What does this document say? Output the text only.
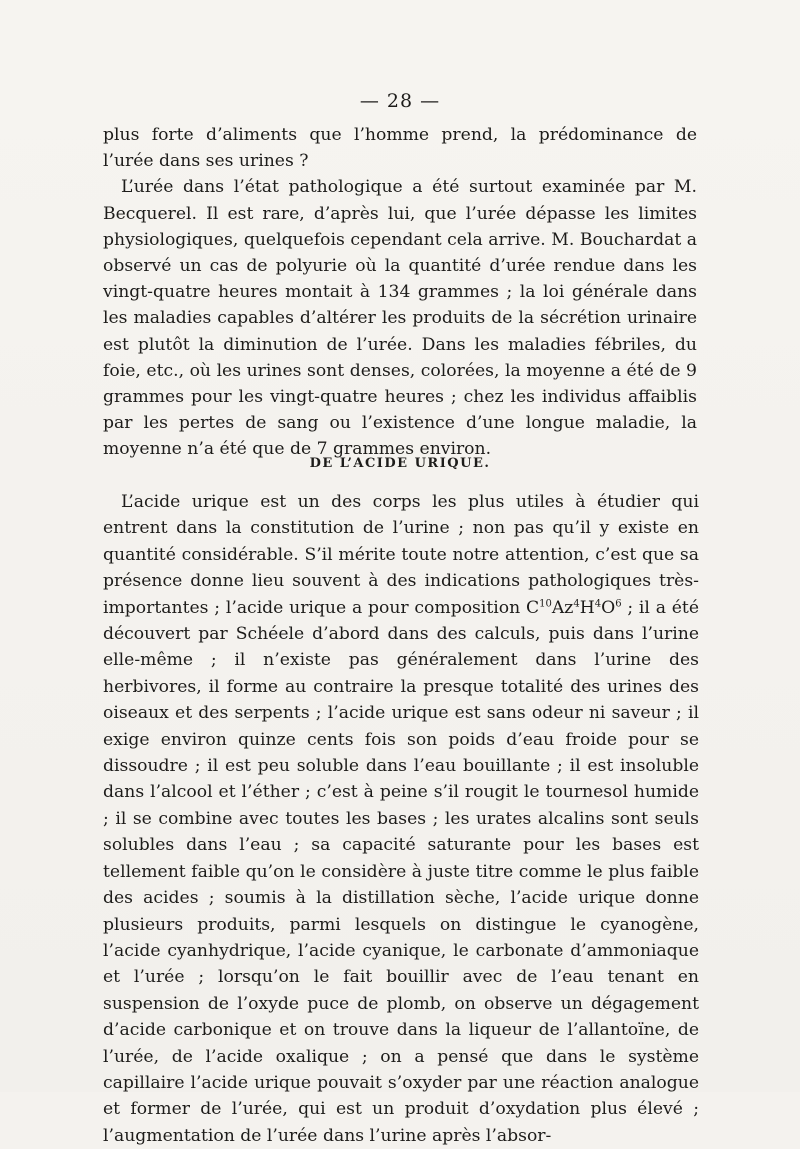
— 28 —

plus forte d’aliments que l’homme prend, la prédominance de l’urée dans ses urines ?

L’urée dans l’état pathologique a été surtout examinée par M. Becquerel. Il est rare, d’après lui, que l’urée dépasse les limites physiologiques, quelquefois cependant cela arrive. M. Bouchardat a observé un cas de polyurie où la quantité d’urée rendue dans les vingt-quatre heures montait à 134 grammes ; la loi générale dans les maladies capables d’altérer les produits de la sécrétion urinaire est plutôt la diminution de l’urée. Dans les maladies fébriles, du foie, etc., où les urines sont denses, colorées, la moyenne a été de 9 grammes pour les vingt-quatre heures ; chez les individus affaiblis par les pertes de sang ou l’existence d’une longue maladie, la moyenne n’a été que de 7 grammes environ.

DE L’ACIDE URIQUE.

L’acide urique est un des corps les plus utiles à étudier qui entrent dans la constitution de l’urine ; non pas qu’il y existe en quantité considérable. S’il mérite toute notre attention, c’est que sa présence donne lieu souvent à des indications pathologiques très-importantes ; l’acide urique a pour composition $C^{10}Az^4H^4O^6$ ; il a été découvert par Schéele d’abord dans des calculs, puis dans l’urine elle-même ; il n’existe pas généralement dans l’urine des herbivores, il forme au contraire la presque totalité des urines des oiseaux et des serpents ; l’acide urique est sans odeur ni saveur ; il exige environ quinze cents fois son poids d’eau froide pour se dissoudre ; il est peu soluble dans l’eau bouillante ; il est insoluble dans l’alcool et l’éther ; c’est à peine s’il rougit le tournesol humide ; il se combine avec toutes les bases ; les urates alcalins sont seuls solubles dans l’eau ; sa capacité saturante pour les bases est tellement faible qu’on le considère à juste titre comme le plus faible des acides ; soumis à la distillation sèche, l’acide urique donne plusieurs produits, parmi lesquels on distingue le cyanogène, l’acide cyanhydrique, l’acide cyanique, le carbonate d’ammoniaque et l’urée ; lorsqu’on le fait bouillir avec de l’eau tenant en suspension de l’oxyde puce de plomb, on observe un dégagement d’acide carbonique et on trouve dans la liqueur de l’allantoïne, de l’urée, de l’acide oxalique ; on a pensé que dans le système capillaire l’acide urique pouvait s’oxyder par une réaction analogue et former de l’urée, qui est un produit d’oxydation plus élevé ; l’augmentation de l’urée dans l’urine après l’absor-
